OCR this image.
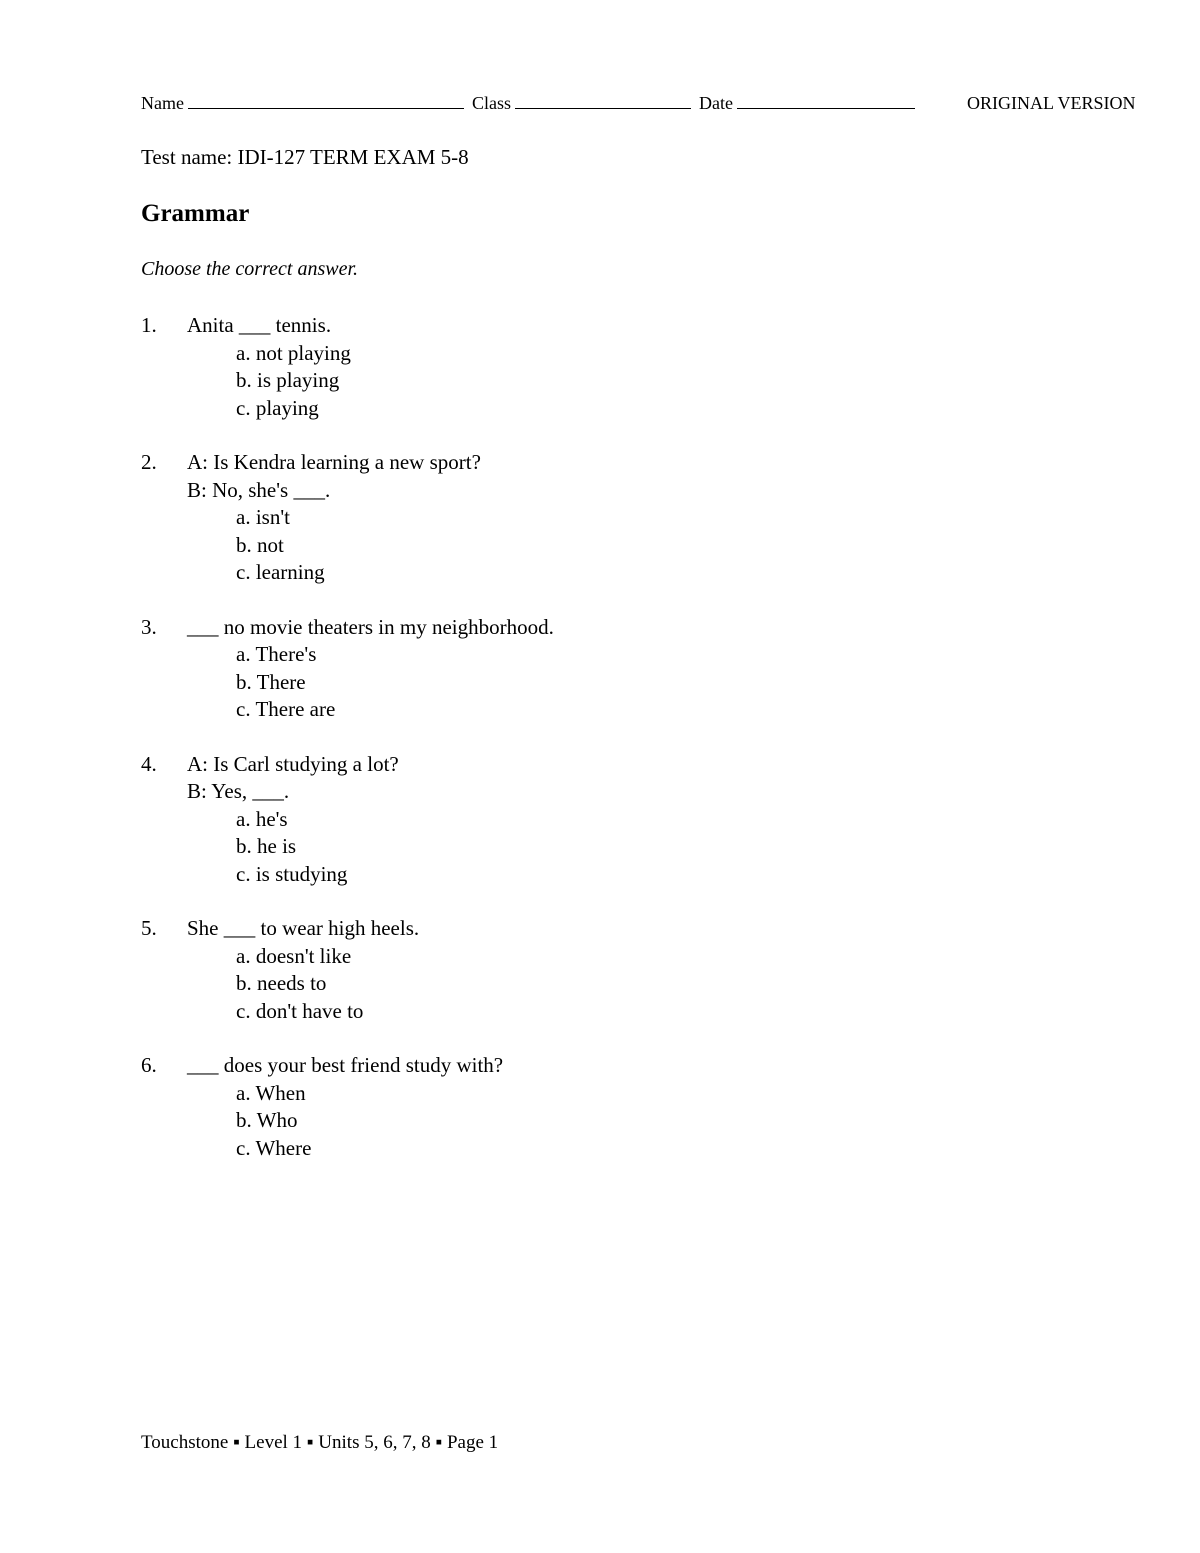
Name	Class	Date	ORIGINAL VERSION
Test name: IDI-127 TERM EXAM 5-8
Grammar
Choose the correct answer.
1. Anita ___ tennis.
a. not playing
b. is playing
c. playing
2. A: Is Kendra learning a new sport?
B: No, she's ___.
a. isn't
b. not
c. learning
3. ___ no movie theaters in my neighborhood.
a. There's
b. There
c. There are
4. A: Is Carl studying a lot?
B: Yes, ___.
a. he's
b. he is
c. is studying
5. She ___ to wear high heels.
a. doesn't like
b. needs to
c. don't have to
6. ___ does your best friend study with?
a. When
b. Who
c. Where
Touchstone ▪ Level 1 ▪ Units 5, 6, 7, 8 ▪ Page 1
